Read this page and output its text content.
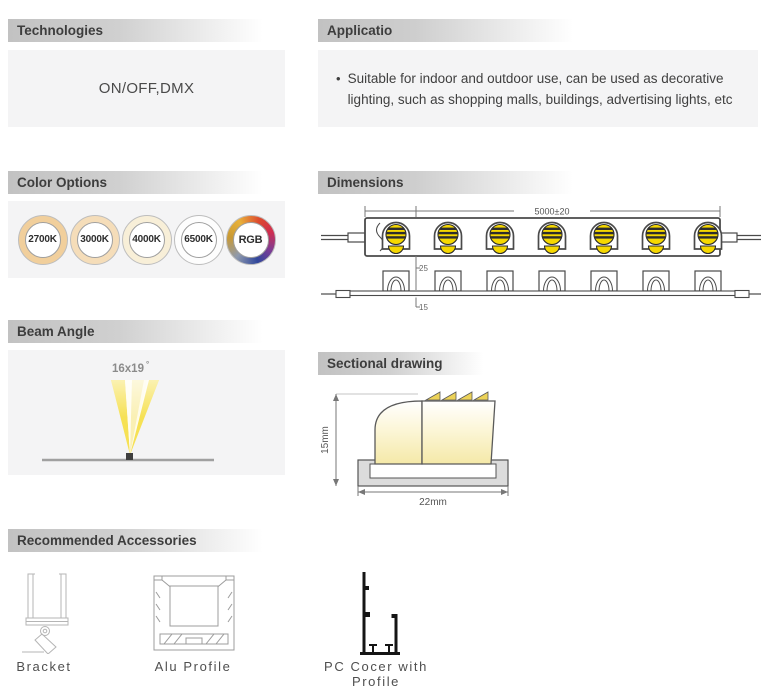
Technologies
ON/OFF,DMX
Applicatio
• Suitable for indoor and outdoor use, can be used as decorative lighting, such as shopping malls, buildings, advertising lights, etc
Color Options
2700K	3000K	4000K	6500K	RGB
Dimensions
5000±20
25
15
Beam Angle
16x19 °	Sectional drawing
15mm
22mm
Recommended Accessories
Bracket	Alu Profile	PC Cocer with Profile
